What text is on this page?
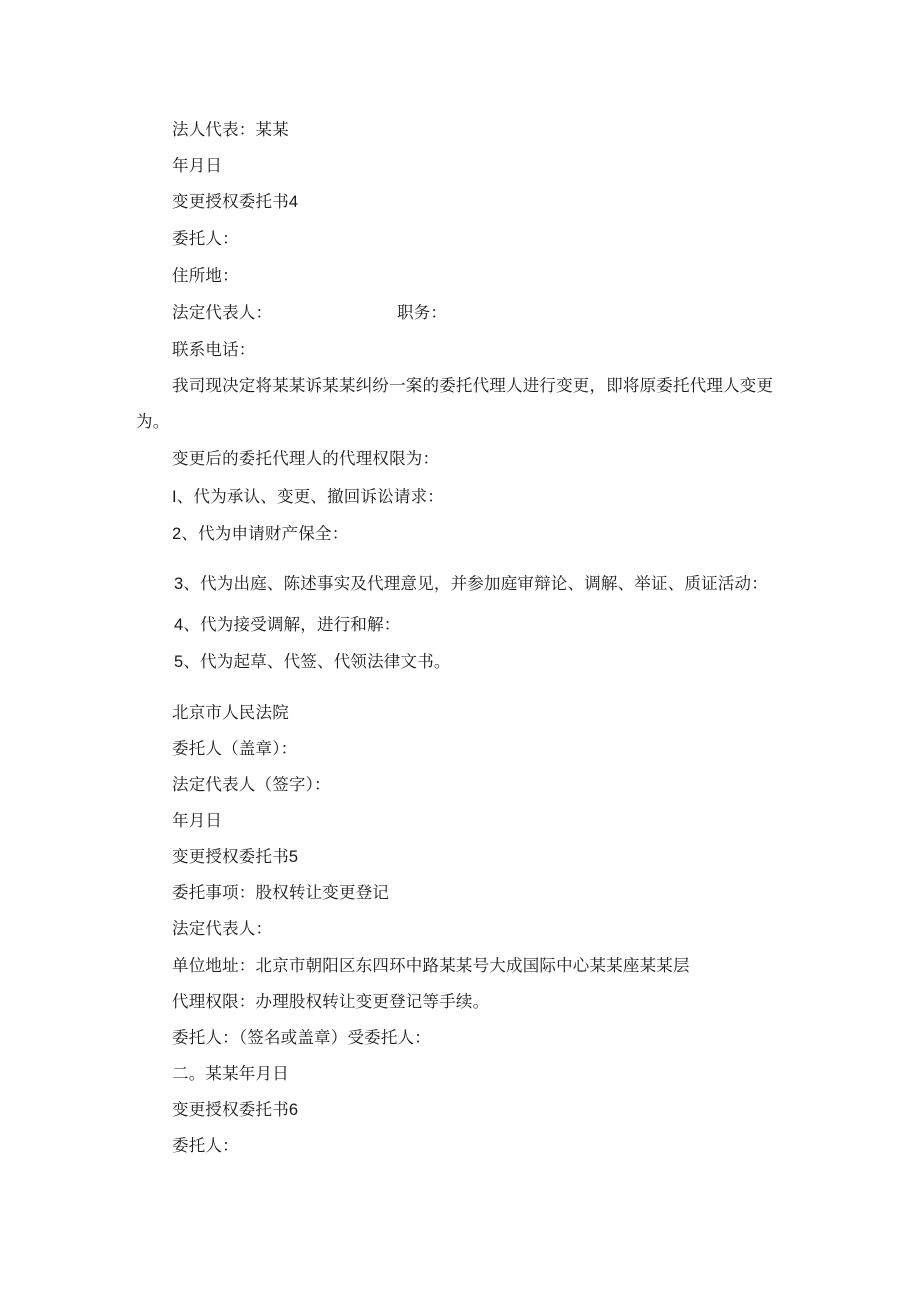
法人代表：某某
年月日
变更授权委托书4
委托人：
住所地：
法定代表人：	职务：
联系电话：
我司现决定将某某诉某某纠纷一案的委托代理人进行变更，即将原委托代理人变更为。
变更后的委托代理人的代理权限为：
I、代为承认、变更、撤回诉讼请求：
2、代为申请财产保全：
3、代为出庭、陈述事实及代理意见，并参加庭审辩论、调解、举证、质证活动：
4、代为接受调解，进行和解：
5、代为起草、代签、代领法律文书。
北京市人民法院
委托人（盖章）：
法定代表人（签字）：
年月日
变更授权委托书5
委托事项：股权转让变更登记
法定代表人：
单位地址：北京市朝阳区东四环中路某某号大成国际中心某某座某某层
代理权限：办理股权转让变更登记等手续。
委托人：（签名或盖章）受委托人：
二。某某年月日
变更授权委托书6
委托人：
